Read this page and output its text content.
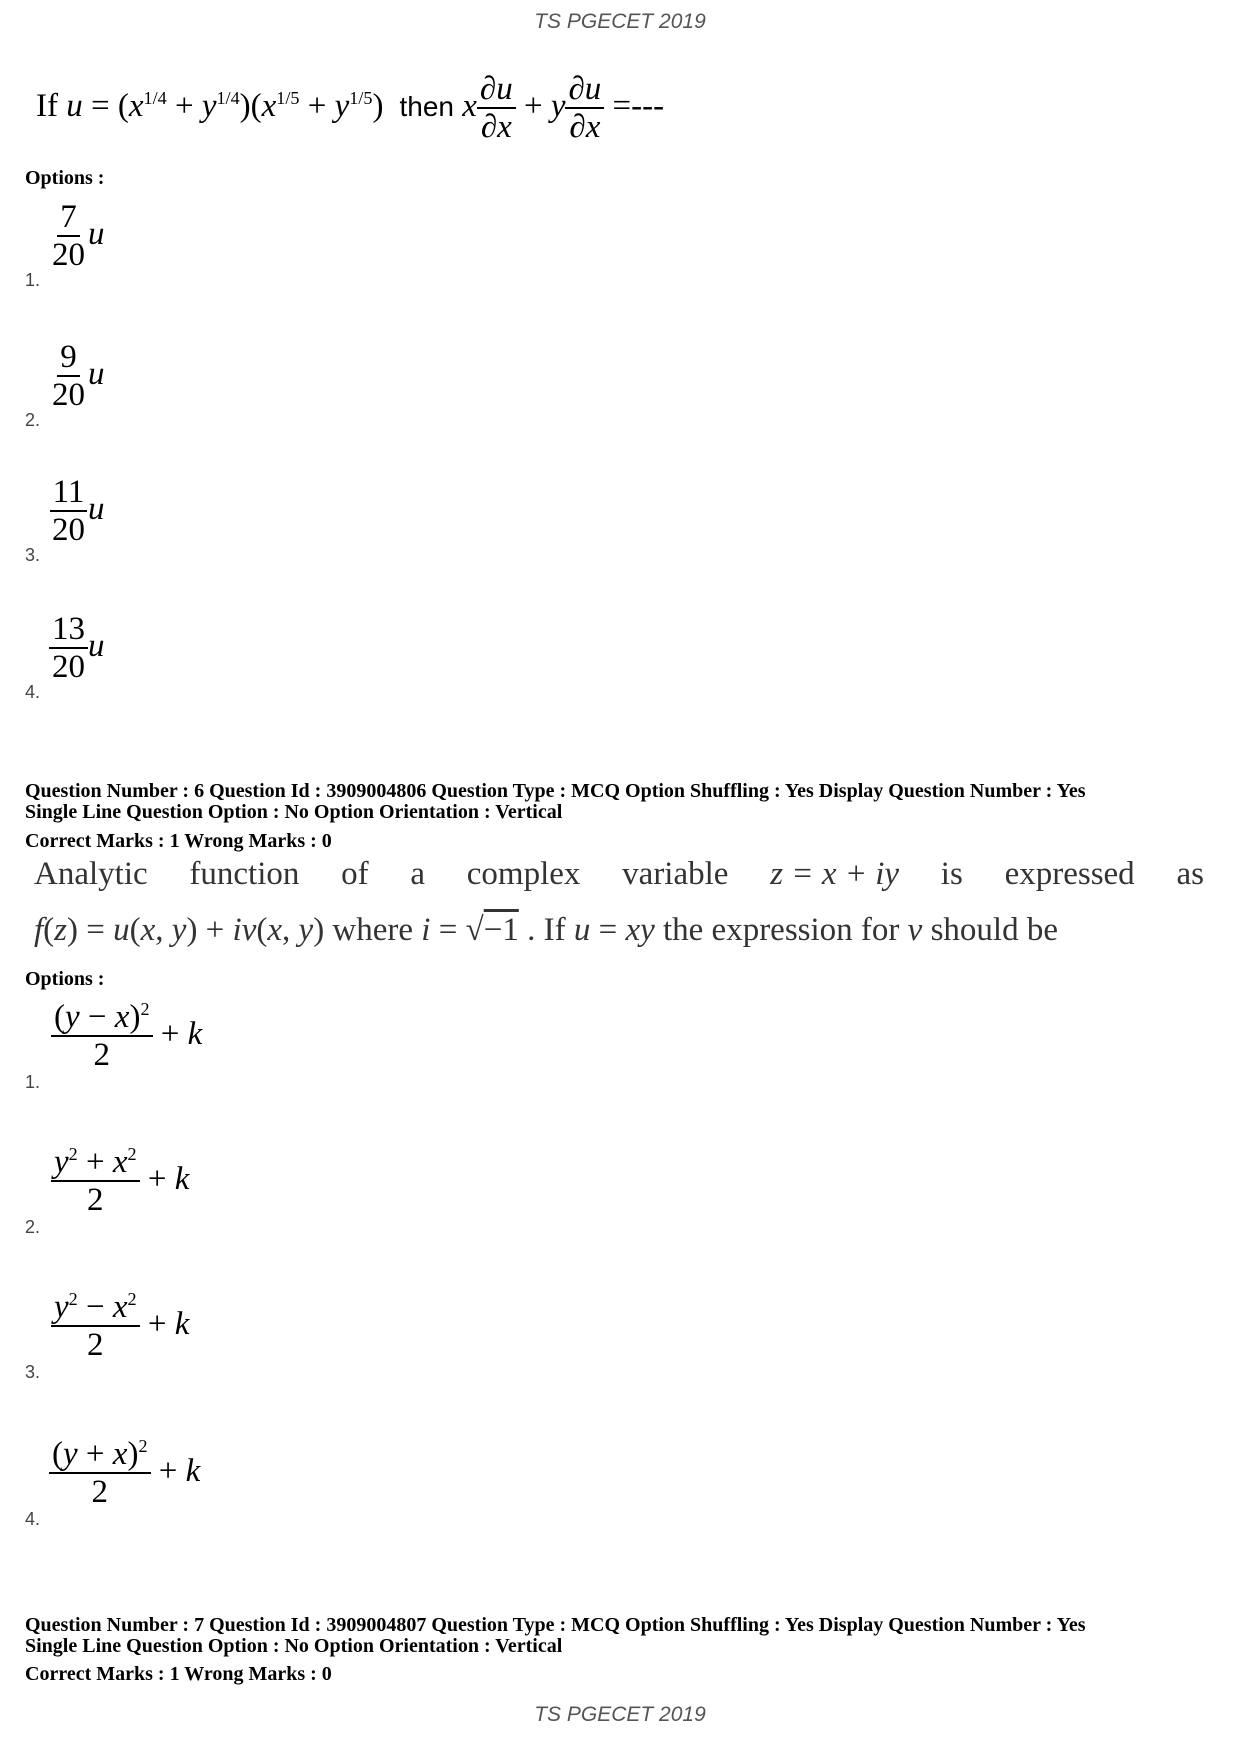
TS PGECET 2019
If $u = (x^{1/4} + y^{1/4})(x^{1/5} + y^{1/5})$  then x $\frac{\partial u}{\partial x} + y \frac{\partial u}{\partial x}$ =---
Options :
1.
$\frac{7}{20}$ u
2.
$\frac{9}{20}$ u
3.
$\frac{11}{20}$ u
4.
$\frac{13}{20}$ u
Question Number : 6 Question Id : 3909004806 Question Type : MCQ Option Shuffling : Yes Display Question Number : Yes
Single Line Question Option : No Option Orientation : Vertical
Correct Marks : 1 Wrong Marks : 0
Analytic function of a complex variable z = x + iy is expressed as
f(z) = u(x, y) + iv(x, y) where i = √−1 . If u = xy the expression for v should be
Options :
1.
$\frac{(y - x)^2}{2} + k$
2.
$\frac{y^2 + x^2}{2} + k$
3.
$\frac{y^2 - x^2}{2} + k$
4.
$\frac{(y + x)^2}{2} + k$
Question Number : 7 Question Id : 3909004807 Question Type : MCQ Option Shuffling : Yes Display Question Number : Yes
Single Line Question Option : No Option Orientation : Vertical
Correct Marks : 1 Wrong Marks : 0
TS PGECET 2019
